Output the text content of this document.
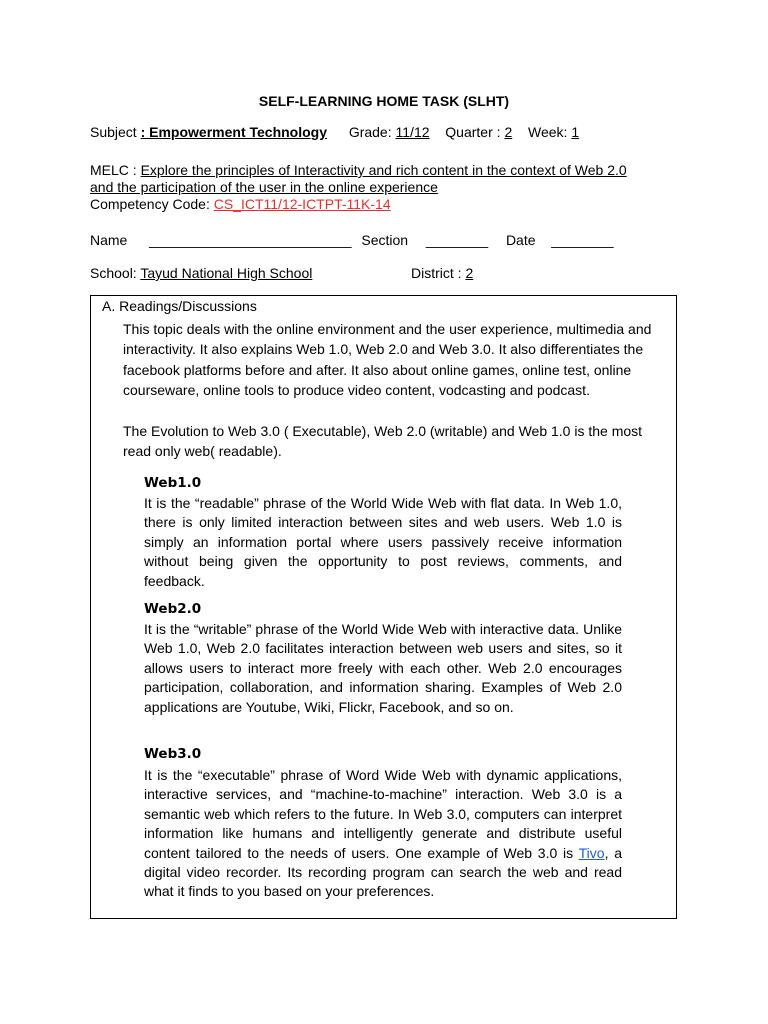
SELF-LEARNING HOME TASK (SLHT)
Subject : Empowerment Technology Grade: 11/12 Quarter : 2 Week: 1
MELC : Explore the principles of Interactivity and rich content in the context of Web 2.0
and the participation of the user in the online experience
Competency Code: CS_ICT11/12-ICTPT-11K-14
Name __________________________ Section ________ Date ________
School: Tayud National High School	District : 2
A. Readings/Discussions
This topic deals with the online environment and the user experience, multimedia and interactivity. It also explains Web 1.0, Web 2.0 and Web 3.0. It also differentiates the facebook platforms before and after. It also about online games, online test, online courseware, online tools to produce video content, vodcasting and podcast.
The Evolution to Web 3.0 ( Executable), Web 2.0 (writable) and Web 1.0 is the most read only web( readable).
Web1.0
It is the “readable” phrase of the World Wide Web with flat data. In Web 1.0, there is only limited interaction between sites and web users. Web 1.0 is simply an information portal where users passively receive information without being given the opportunity to post reviews, comments, and feedback.
Web2.0
It is the “writable” phrase of the World Wide Web with interactive data. Unlike Web 1.0, Web 2.0 facilitates interaction between web users and sites, so it allows users to interact more freely with each other. Web 2.0 encourages participation, collaboration, and information sharing. Examples of Web 2.0 applications are Youtube, Wiki, Flickr, Facebook, and so on.
Web3.0
It is the “executable” phrase of Word Wide Web with dynamic applications, interactive services, and “machine-to-machine” interaction. Web 3.0 is a semantic web which refers to the future. In Web 3.0, computers can interpret information like humans and intelligently generate and distribute useful content tailored to the needs of users. One example of Web 3.0 is Tivo, a digital video recorder. Its recording program can search the web and read what it finds to you based on your preferences.
